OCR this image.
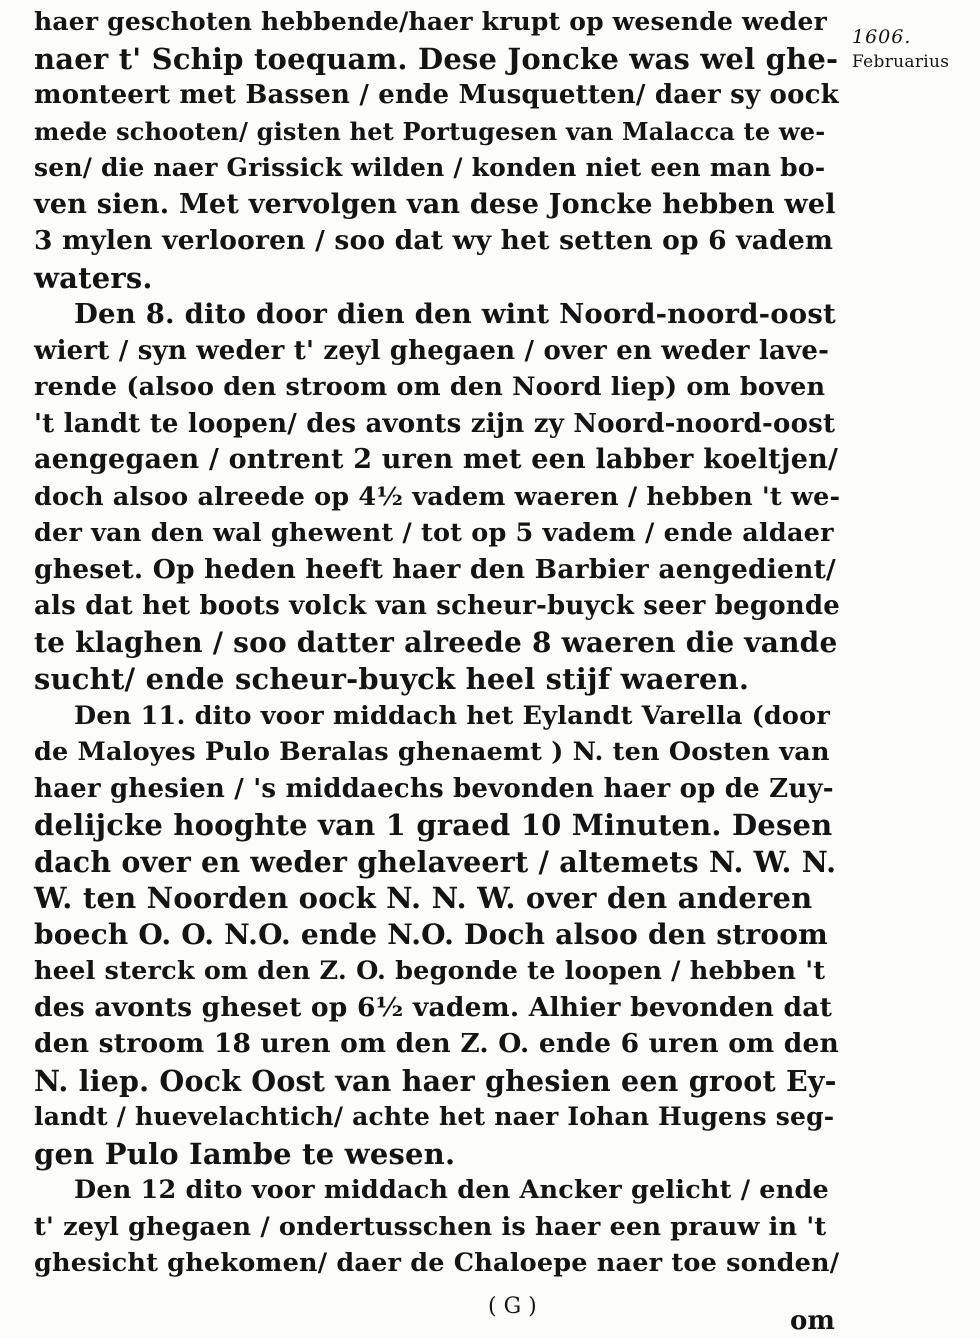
1606.
Februarius
haer geschoten hebbende/haer krupt op wesende weder
naer t' Schip toequam. Dese Joncke was wel ghe-
monteert met Bassen / ende Musquetten/ daer sy oock
mede schooten/ gisten het Portugesen van Malacca te we-
sen/ die naer Grissick wilden / konden niet een man bo-
ven sien. Met vervolgen van dese Joncke hebben wel
3 mylen verlooren / soo dat wy het setten op 6 vadem
waters.
Den 8. dito door dien den wint Noord-noord-oost
wiert / syn weder t' zeyl ghegaen / over en weder lave-
rende (alsoo den stroom om den Noord liep) om boven
't landt te loopen/ des avonts zijn zy Noord-noord-oost
aengegaen / ontrent 2 uren met een labber koeltjen/
doch alsoo alreede op 4½ vadem waeren / hebben 't we-
der van den wal ghewent / tot op 5 vadem / ende aldaer
gheset. Op heden heeft haer den Barbier aengedient/
als dat het boots volck van scheur-buyck seer begonde
te klaghen / soo datter alreede 8 waeren die vande
sucht/ ende scheur-buyck heel stijf waeren.
Den 11. dito voor middach het Eylandt Varella (door
de Maloyes Pulo Beralas ghenaemt ) N. ten Oosten van
haer ghesien / 's middaechs bevonden haer op de Zuy-
delijcke hooghte van 1 graed 10 Minuten. Desen
dach over en weder ghelaveert / altemets N. W. N.
W. ten Noorden oock N. N. W. over den anderen
boech O. O. N.O. ende N.O. Doch alsoo den stroom
heel sterck om den Z. O. begonde te loopen / hebben 't
des avonts gheset op 6½ vadem. Alhier bevonden dat
den stroom 18 uren om den Z. O. ende 6 uren om den
N. liep. Oock Oost van haer ghesien een groot Ey-
landt / huevelachtich/ achte het naer Iohan Hugens seg-
gen Pulo Iambe te wesen.
Den 12 dito voor middach den Ancker gelicht / ende
t' zeyl ghegaen / ondertusschen is haer een prauw in 't
ghesicht ghekomen/ daer de Chaloepe naer toe sonden/
( G )	om
